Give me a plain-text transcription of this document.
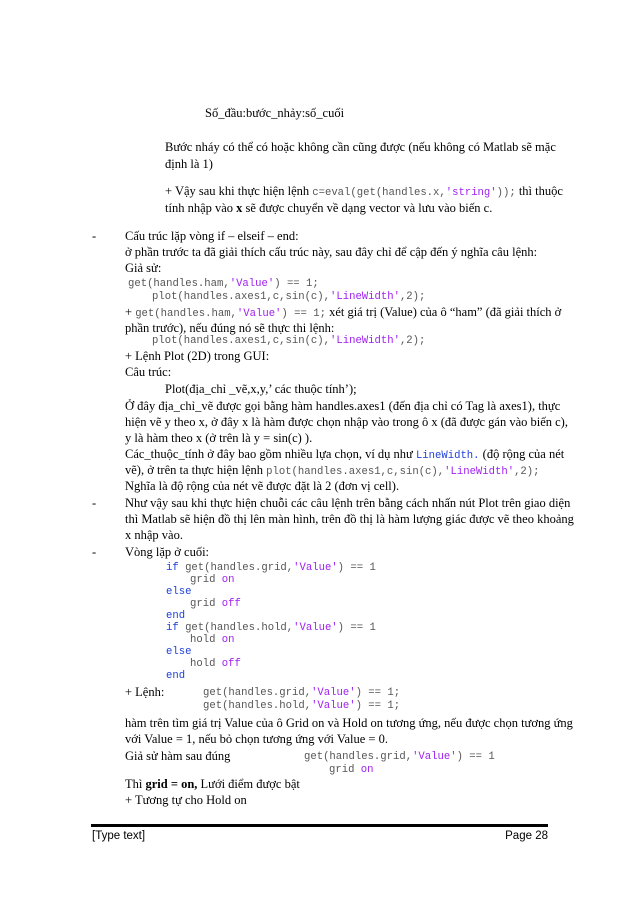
Số_đầu:bước_nhảy:số_cuối
Bước nháy có thể có hoặc không cần cũng được (nếu không có Matlab sẽ mặc
định là 1)
+ Vậy sau khi thực hiện lệnh c=eval(get(handles.x,'string')); thì thuộc
tính nhập vào x sẽ được chuyển về dạng vector và lưu vào biến c.
- Cấu trúc lặp vòng if – elseif – end:
ở phần trước ta đã giải thích cấu trúc này, sau đây chỉ để cập đến ý nghĩa câu lệnh:
Giả sử:
get(handles.ham,'Value') == 1;
plot(handles.axes1,c,sin(c),'LineWidth',2);
+ get(handles.ham,'Value') == 1; xét giá trị (Value) của ô “ham” (đã giải thích ở
phần trước), nếu đúng nó sẽ thực thi lệnh:
plot(handles.axes1,c,sin(c),'LineWidth',2);
+ Lệnh Plot (2D) trong GUI:
Câu trúc:
Plot(địa_chỉ _vẽ,x,y,’ các thuộc tính’);
Ở đây địa_chỉ_vẽ được gọi bằng hàm handles.axes1 (đến địa chỉ có Tag là axes1), thực
hiện vẽ y theo x, ở đây x là hàm được chọn nhập vào trong ô x (đã được gán vào biến c),
y là hàm theo x (ở trên là y = sin(c) ).
Các_thuộc_tính ở đây bao gồm nhiều lựa chọn, ví dụ như LineWidth. (độ rộng của nét
vẽ), ở trên ta thực hiện lệnh plot(handles.axes1,c,sin(c),'LineWidth',2);
Nghĩa là độ rộng của nét vẽ được đặt là 2 (đơn vị cell).
- Như vậy sau khi thực hiện chuỗi các câu lệnh trên bằng cách nhấn nút Plot trên giao diện
thì Matlab sẽ hiện đồ thị lên màn hình, trên đồ thị là hàm lượng giác được vẽ theo khoảng
x nhập vào.
- Vòng lặp ở cuối:
if get(handles.grid,'Value') == 1
grid on
else
grid off
end
if get(handles.hold,'Value') == 1
hold on
else
hold off
end
+ Lệnh:	get(handles.grid,'Value') == 1;
get(handles.hold,'Value') == 1;
hàm trên tìm giá trị Value của ô Grid on và Hold on tương ứng, nếu được chọn tương ứng
với Value = 1, nếu bỏ chọn tương ứng với Value = 0.
Giả sử hàm sau đúng	get(handles.grid,'Value') == 1
grid on
Thì grid = on, Lưới điểm được bật
+ Tương tự cho Hold on
[Type text]	Page 28
